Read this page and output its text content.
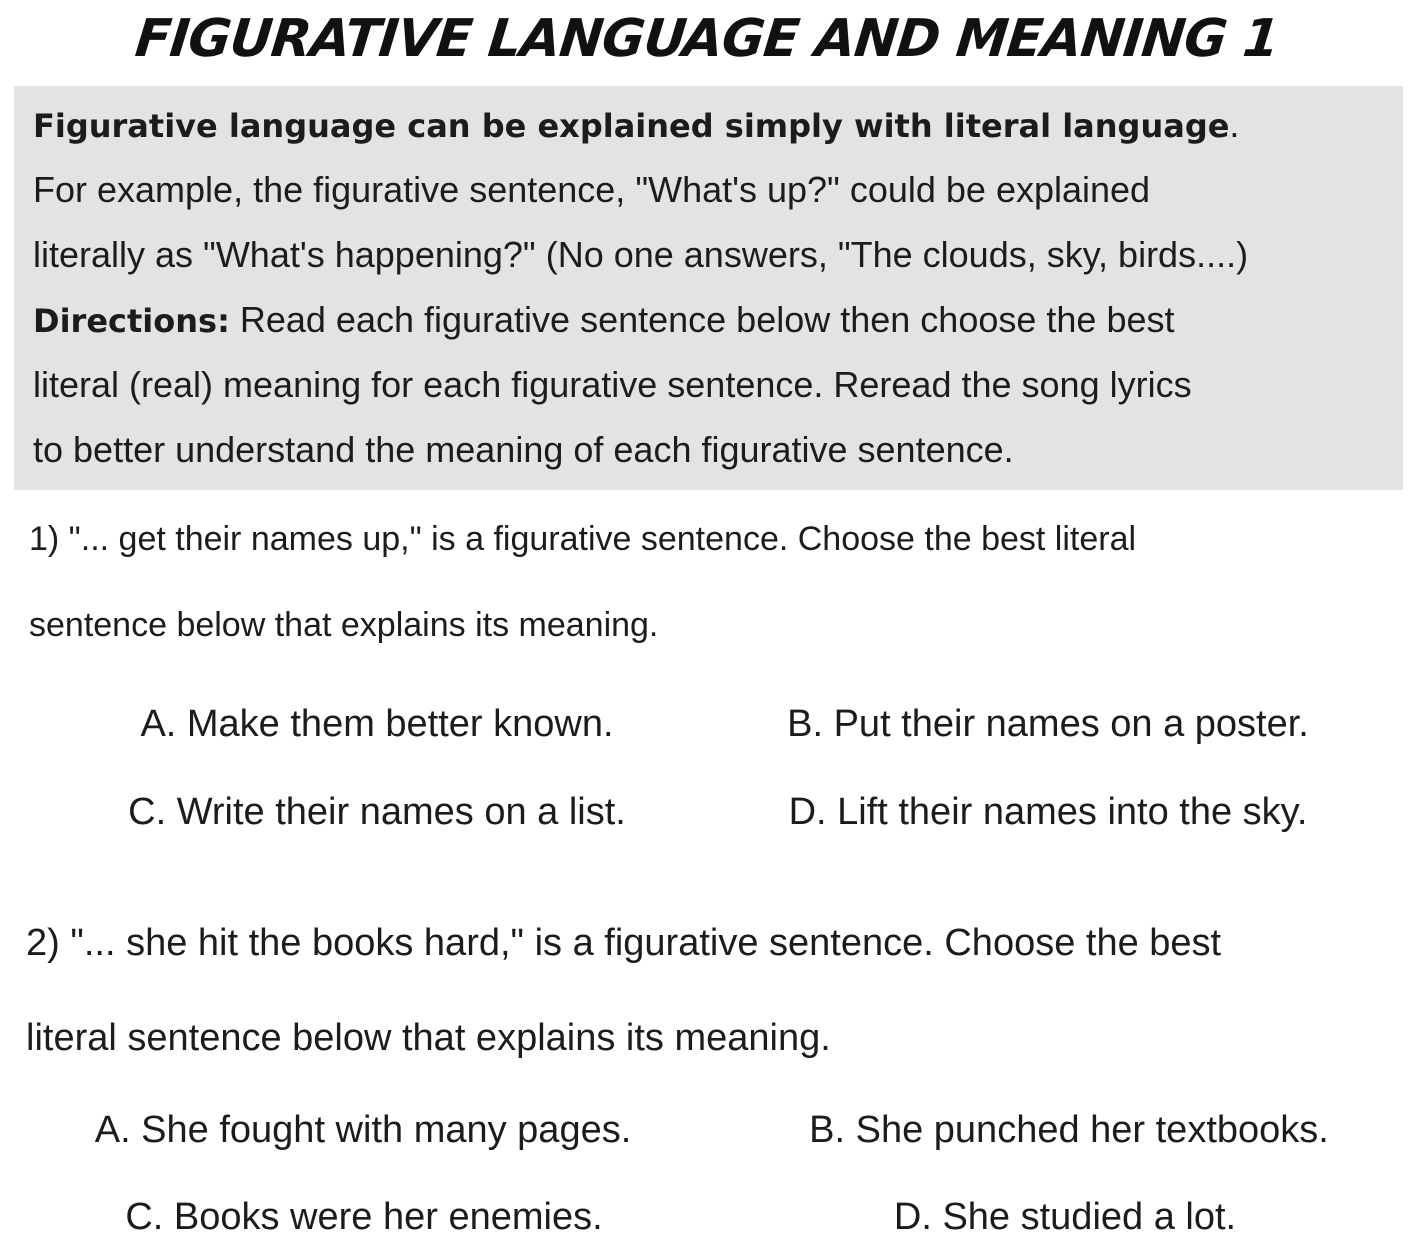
FIGURATIVE LANGUAGE AND MEANING 1
Figurative language can be explained simply with literal language.
For example, the figurative sentence, "What's up?" could be explained
literally as "What's happening?" (No one answers, "The clouds, sky, birds....)
Directions: Read each figurative sentence below then choose the best
literal (real) meaning for each figurative sentence. Reread the song lyrics
to better understand the meaning of each figurative sentence.
1) "... get their names up," is a figurative sentence. Choose the best literal
sentence below that explains its meaning.
A. Make them better known.	B. Put their names on a poster.
C. Write their names on a list.	D. Lift their names into the sky.
2) "... she hit the books hard," is a figurative sentence. Choose the best
literal sentence below that explains its meaning.
A. She fought with many pages.	B. She punched her textbooks.
C. Books were her enemies.	D. She studied a lot.
